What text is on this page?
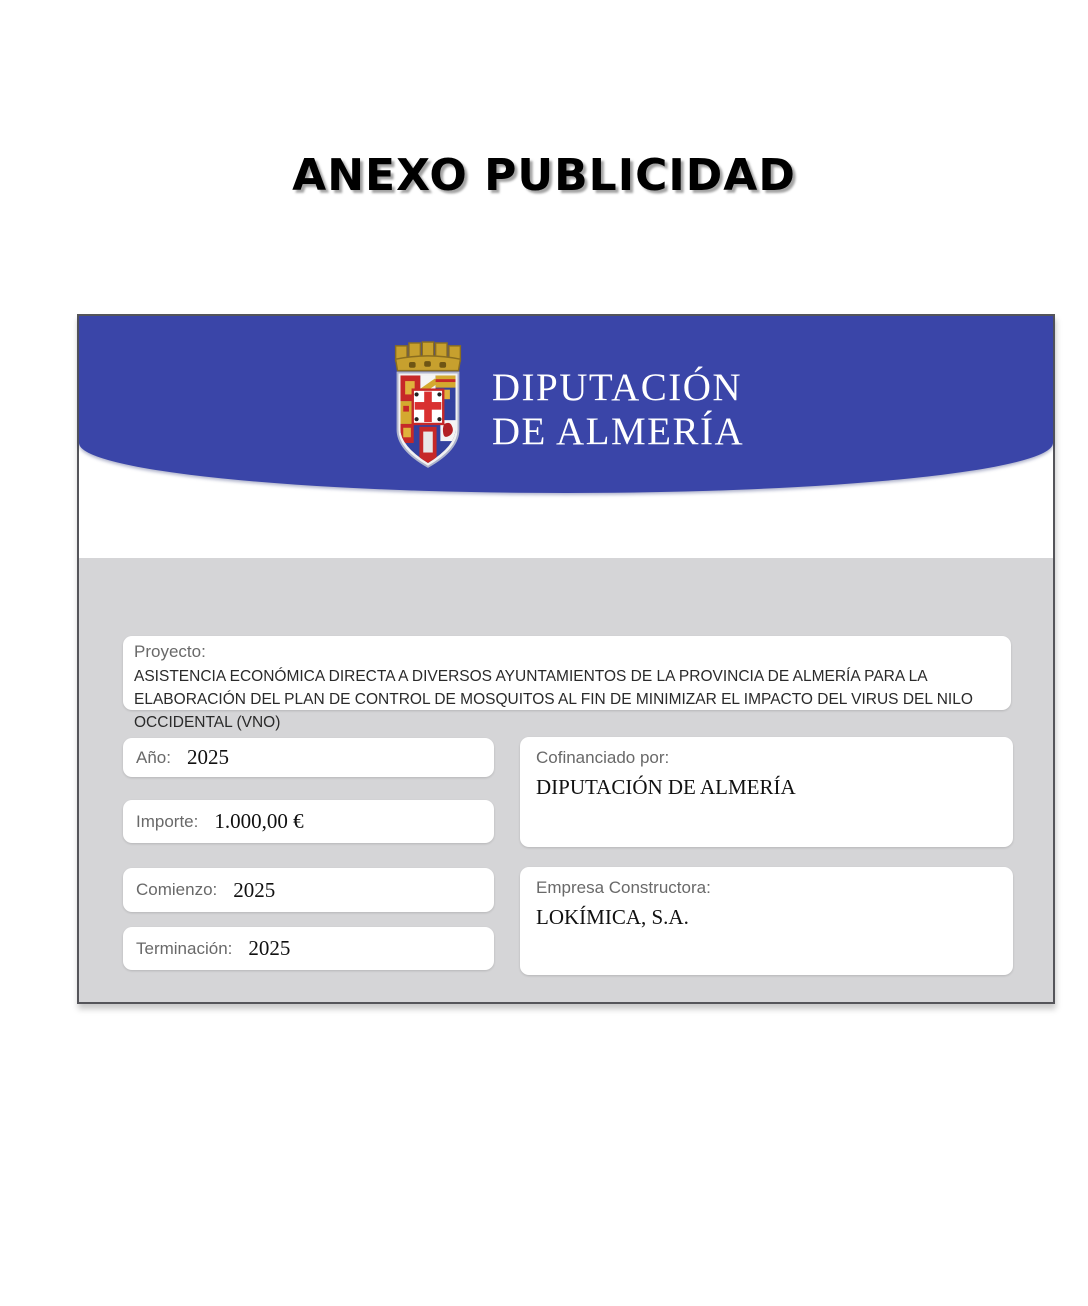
ANEXO PUBLICIDAD
DIPUTACIÓN
DE ALMERÍA
Proyecto:
ASISTENCIA ECONÓMICA DIRECTA A DIVERSOS AYUNTAMIENTOS DE LA PROVINCIA DE ALMERÍA PARA LA ELABORACIÓN DEL PLAN DE CONTROL DE MOSQUITOS AL FIN DE MINIMIZAR EL IMPACTO DEL VIRUS DEL NILO OCCIDENTAL (VNO)
Año: 2025
Importe: 1.000,00 €
Comienzo: 2025
Terminación: 2025
Cofinanciado por:
DIPUTACIÓN DE ALMERÍA
Empresa Constructora:
LOKÍMICA, S.A.
